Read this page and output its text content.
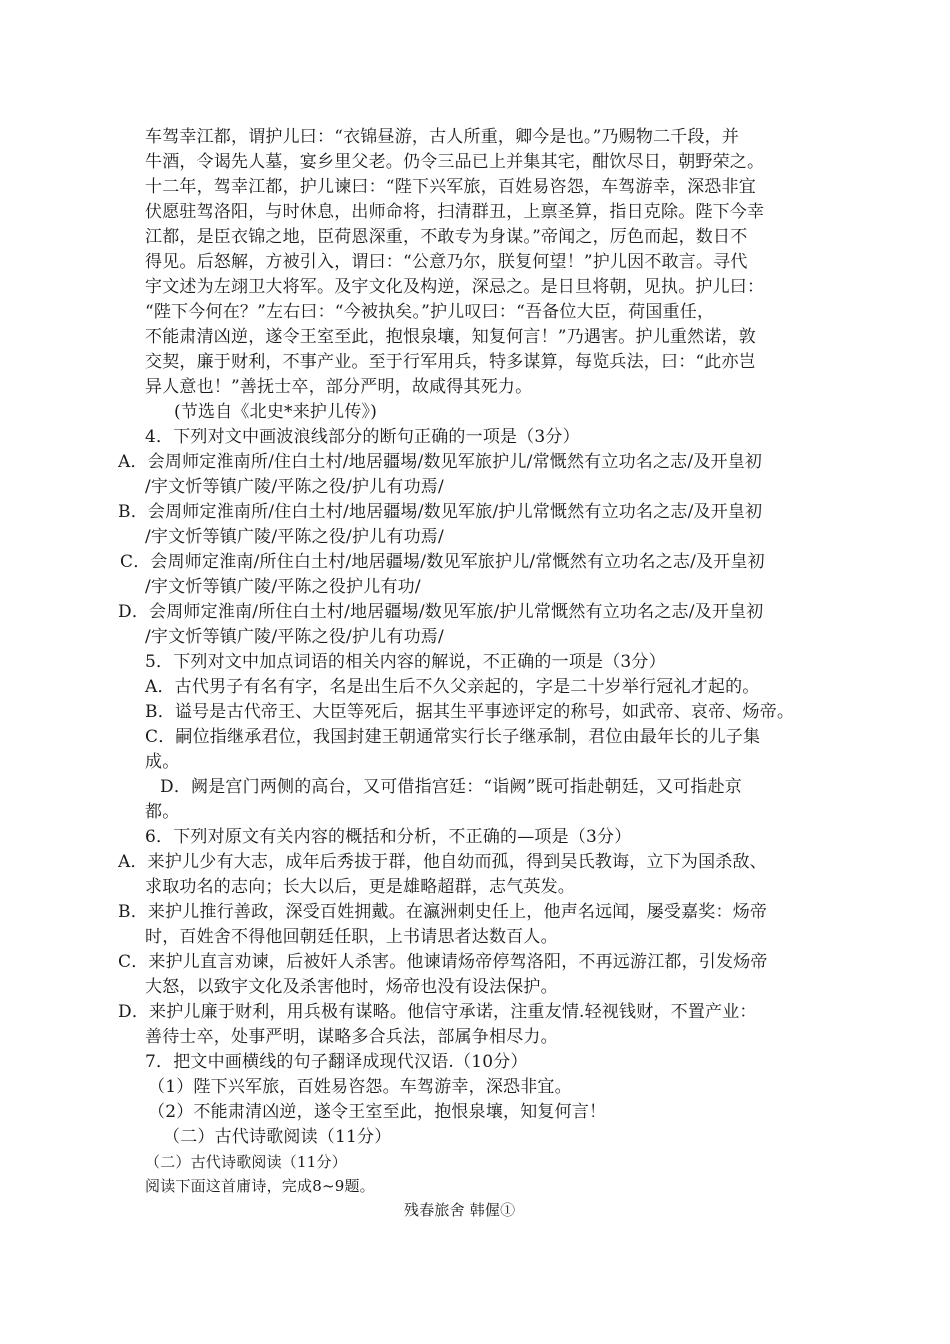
车驾幸江都，谓护儿曰：“衣锦昼游，古人所重，卿今是也。”乃赐物二千段，并
牛酒，令谒先人墓，宴乡里父老。仍令三品已上并集其宅，酣饮尽日，朝野荣之。
十二年，驾幸江都，护儿谏曰：“陛下兴军旅，百姓易咨怨，车驾游幸，深恐非宜
伏愿驻驾洛阳，与时休息，出师命将，扫清群丑，上禀圣算，指日克除。陛下今幸
江都，是臣衣锦之地，臣荷恩深重，不敢专为身谋。”帝闻之，厉色而起，数日不
得见。后怒解，方被引入，谓曰：“公意乃尔，朕复何望！”护儿因不敢言。寻代
宇文述为左翊卫大将军。及宇文化及构逆，深忌之。是日旦将朝，见执。护儿曰：
“陛下今何在？”左右曰：“今被执矣。”护儿叹曰：“吾备位大臣，荷国重任，
不能肃清凶逆，遂令王室至此，抱恨泉壤，知复何言！”乃遇害。护儿重然诺，敦
交契，廉于财利，不事产业。至于行军用兵，特多谋算，每览兵法，曰：“此亦岂
异人意也！”善抚士卒，部分严明，故咸得其死力。
(节选自《北史*来护儿传》)
4．下列对文中画波浪线部分的断句正确的一项是（3分）
A．会周师定淮南所/住白土村/地居疆埸/数见军旅护儿/常慨然有立功名之志/及开皇初
/宇文忻等镇广陵/平陈之役/护儿有功焉/
B．会周师定淮南所/住白土村/地居疆埸/数见军旅/护儿常慨然有立功名之志/及开皇初
/宇文忻等镇广陵/平陈之役/护儿有功焉/
C．会周师定淮南/所住白土村/地居疆埸/数见军旅护儿/常慨然有立功名之志/及开皇初
/宇文忻等镇广陵/平陈之役护儿有功/
D．会周师定淮南/所住白土村/地居疆埸/数见军旅/护儿常慨然有立功名之志/及开皇初
/宇文忻等镇广陵/平陈之役/护儿有功焉/
5．下列对文中加点词语的相关内容的解说，不正确的一项是（3分）
A．古代男子有名有字，名是出生后不久父亲起的，字是二十岁举行冠礼才起的。
B．谥号是古代帝王、大臣等死后，据其生平事迹评定的称号，如武帝、哀帝、炀帝。
C．嗣位指继承君位，我国封建王朝通常实行长子继承制，君位由最年长的儿子集
成。
D．阙是宫门两侧的高台，又可借指宫廷：“诣阙”既可指赴朝廷，又可指赴京
都。
6．下列对原文有关内容的概括和分析，不正确的—项是（3分）
A．来护儿少有大志，成年后秀拔于群，他自幼而孤，得到吴氏教诲，立下为国杀敌、
求取功名的志向；长大以后，更是雄略超群，志气英发。
B．来护儿推行善政，深受百姓拥戴。在瀛洲刺史任上，他声名远闻，屡受嘉奖：炀帝
时，百姓舍不得他回朝廷任职，上书请思者达数百人。
C．来护儿直言劝谏，后被奸人杀害。他谏请炀帝停驾洛阳，不再远游江都，引发炀帝
大怒，以致宇文化及杀害他时，炀帝也没有设法保护。
D．来护儿廉于财利，用兵极有谋略。他信守承诺，注重友情.轻视钱财，不置产业：
善待士卒，处事严明，谋略多合兵法，部属争相尽力。
7．把文中画横线的句子翻译成现代汉语.（10分）
（1）陛下兴军旅，百姓易咨怨。车驾游幸，深恐非宜。
（2）不能肃清凶逆，遂令王室至此，抱恨泉壤，知复何言！
（二）古代诗歌阅读（11分）
（二）古代诗歌阅读（11分）
阅读下面这首庯诗，完成8~9题。
残春旅舍 韩偓①
